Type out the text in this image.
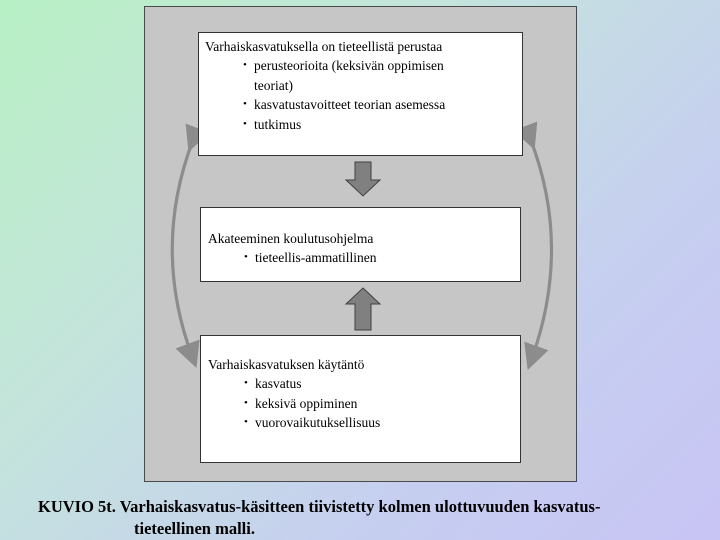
Varhaiskasvatuksella on tieteellistä perustaa
• perusteorioita (keksivän oppimisen
teoriat)
• kasvatustavoitteet teorian asemessa
• tutkimus
Akateeminen koulutusohjelma
• tieteellis-ammatillinen
Varhaiskasvatuksen käytäntö
• kasvatus
• keksivä oppiminen
• vuorovaikutuksellisuus
KUVIO 5t. Varhaiskasvatus-käsitteen tiivistetty kolmen ulottuvuuden kasvatus-
tieteellinen malli.
